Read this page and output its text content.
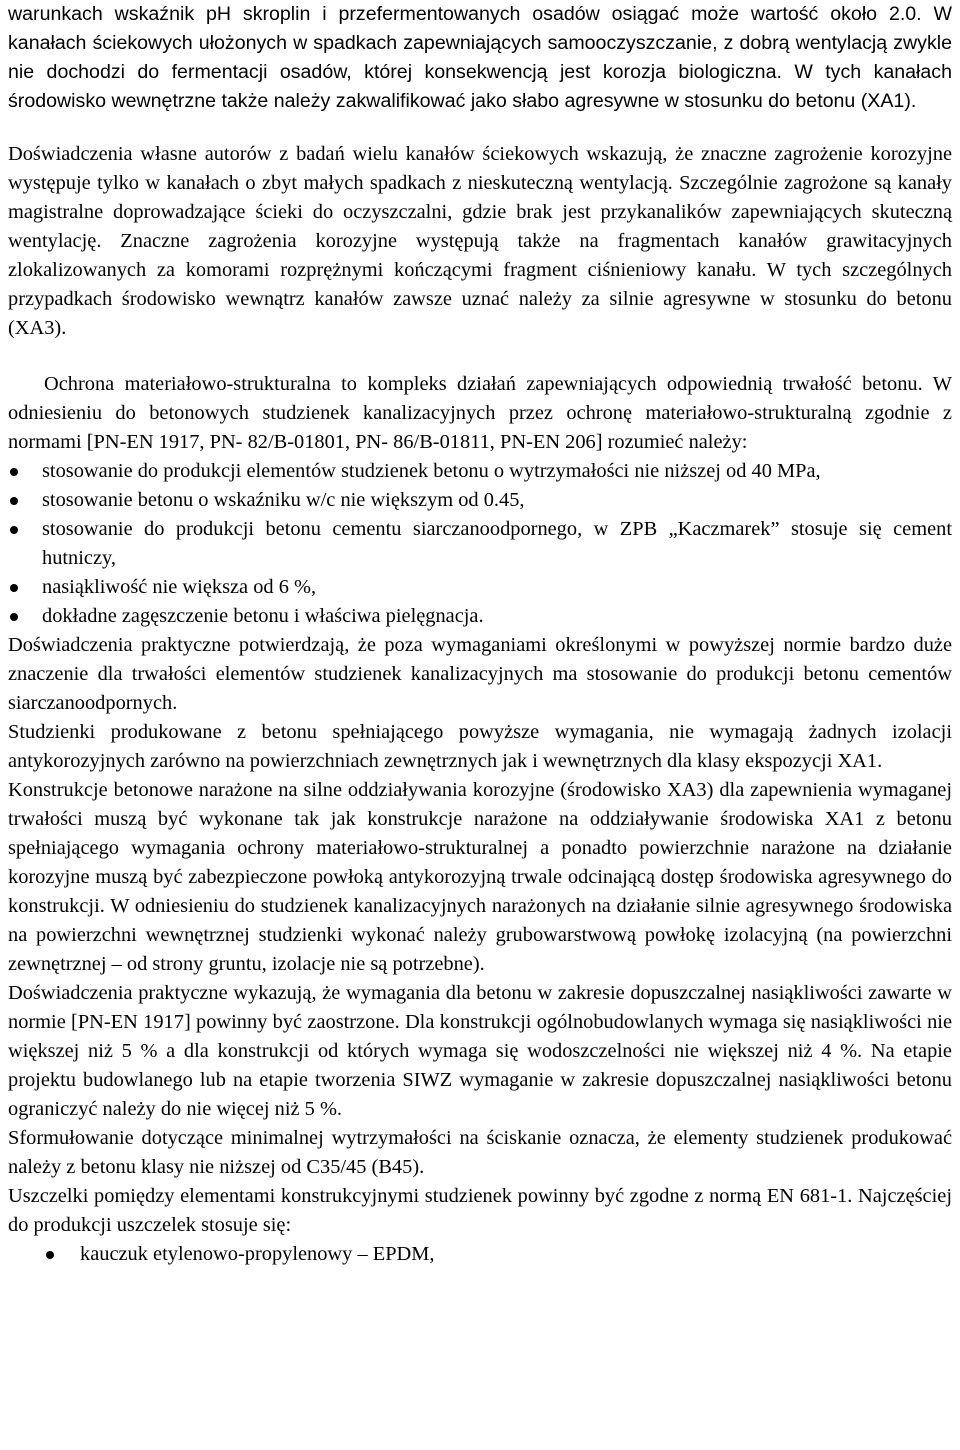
warunkach wskaźnik pH skroplin i przefermentowanych osadów osiągać może wartość około 2.0. W kanałach ściekowych ułożonych w spadkach zapewniających samooczyszczanie, z dobrą wentylacją zwykle nie dochodzi do fermentacji osadów, której konsekwencją jest korozja biologiczna. W tych kanałach środowisko wewnętrzne także należy zakwalifikować jako słabo agresywne w stosunku do betonu (XA1).

Doświadczenia własne autorów z badań wielu kanałów ściekowych wskazują, że znaczne zagrożenie korozyjne występuje tylko w kanałach o zbyt małych spadkach z nieskuteczną wentylacją. Szczególnie zagrożone są kanały magistralne doprowadzające ścieki do oczyszczalni, gdzie brak jest przykanalików zapewniających skuteczną wentylację. Znaczne zagrożenia korozyjne występują także na fragmentach kanałów grawitacyjnych zlokalizowanych za komorami rozprężnymi kończącymi fragment ciśnieniowy kanału. W tych szczególnych przypadkach środowisko wewnątrz kanałów zawsze uznać należy za silnie agresywne w stosunku do betonu (XA3).

Ochrona materiałowo-strukturalna to kompleks działań zapewniających odpowiednią trwałość betonu. W odniesieniu do betonowych studzienek kanalizacyjnych przez ochronę materiałowo-strukturalną zgodnie z normami [PN-EN 1917, PN- 82/B-01801, PN- 86/B-01811, PN-EN 206] rozumieć należy:

stosowanie do produkcji elementów studzienek betonu o wytrzymałości nie niższej od 40 MPa,
stosowanie betonu o wskaźniku w/c nie większym od 0.45,
stosowanie do produkcji betonu cementu siarczanoodpornego, w ZPB „Kaczmarek” stosuje się cement hutniczy,
nasiąkliwość nie większa od 6 %,
dokładne zagęszczenie betonu i właściwa pielęgnacja.

Doświadczenia praktyczne potwierdzają, że poza wymaganiami określonymi w powyższej normie bardzo duże znaczenie dla trwałości elementów studzienek kanalizacyjnych ma stosowanie do produkcji betonu cementów siarczanoodpornych.

Studzienki produkowane z betonu spełniającego powyższe wymagania, nie wymagają żadnych izolacji antykorozyjnych zarówno na powierzchniach zewnętrznych jak i wewnętrznych dla klasy ekspozycji XA1.

Konstrukcje betonowe narażone na silne oddziaływania korozyjne (środowisko XA3) dla zapewnienia wymaganej trwałości muszą być wykonane tak jak konstrukcje narażone na oddziaływanie środowiska XA1 z betonu spełniającego wymagania ochrony materiałowo-strukturalnej a ponadto powierzchnie narażone na działanie korozyjne muszą być zabezpieczone powłoką antykorozyjną trwale odcinającą dostęp środowiska agresywnego do konstrukcji. W odniesieniu do studzienek kanalizacyjnych narażonych na działanie silnie agresywnego środowiska na powierzchni wewnętrznej studzienki wykonać należy grubowarstwową powłokę izolacyjną (na powierzchni zewnętrznej – od strony gruntu, izolacje nie są potrzebne).

Doświadczenia praktyczne wykazują, że wymagania dla betonu w zakresie dopuszczalnej nasiąkliwości zawarte w normie [PN-EN 1917] powinny być zaostrzone. Dla konstrukcji ogólnobudowlanych wymaga się nasiąkliwości nie większej niż 5 % a dla konstrukcji od których wymaga się wodoszczelności nie większej niż 4 %. Na etapie projektu budowlanego lub na etapie tworzenia SIWZ wymaganie w zakresie dopuszczalnej nasiąkliwości betonu ograniczyć należy do nie więcej niż 5 %.

Sformułowanie dotyczące minimalnej wytrzymałości na ściskanie oznacza, że elementy studzienek produkować należy z betonu klasy nie niższej od C35/45 (B45).

Uszczelki pomiędzy elementami konstrukcyjnymi studzienek powinny być zgodne z normą EN 681-1. Najczęściej do produkcji uszczelek stosuje się:

kauczuk etylenowo-propylenowy – EPDM,
